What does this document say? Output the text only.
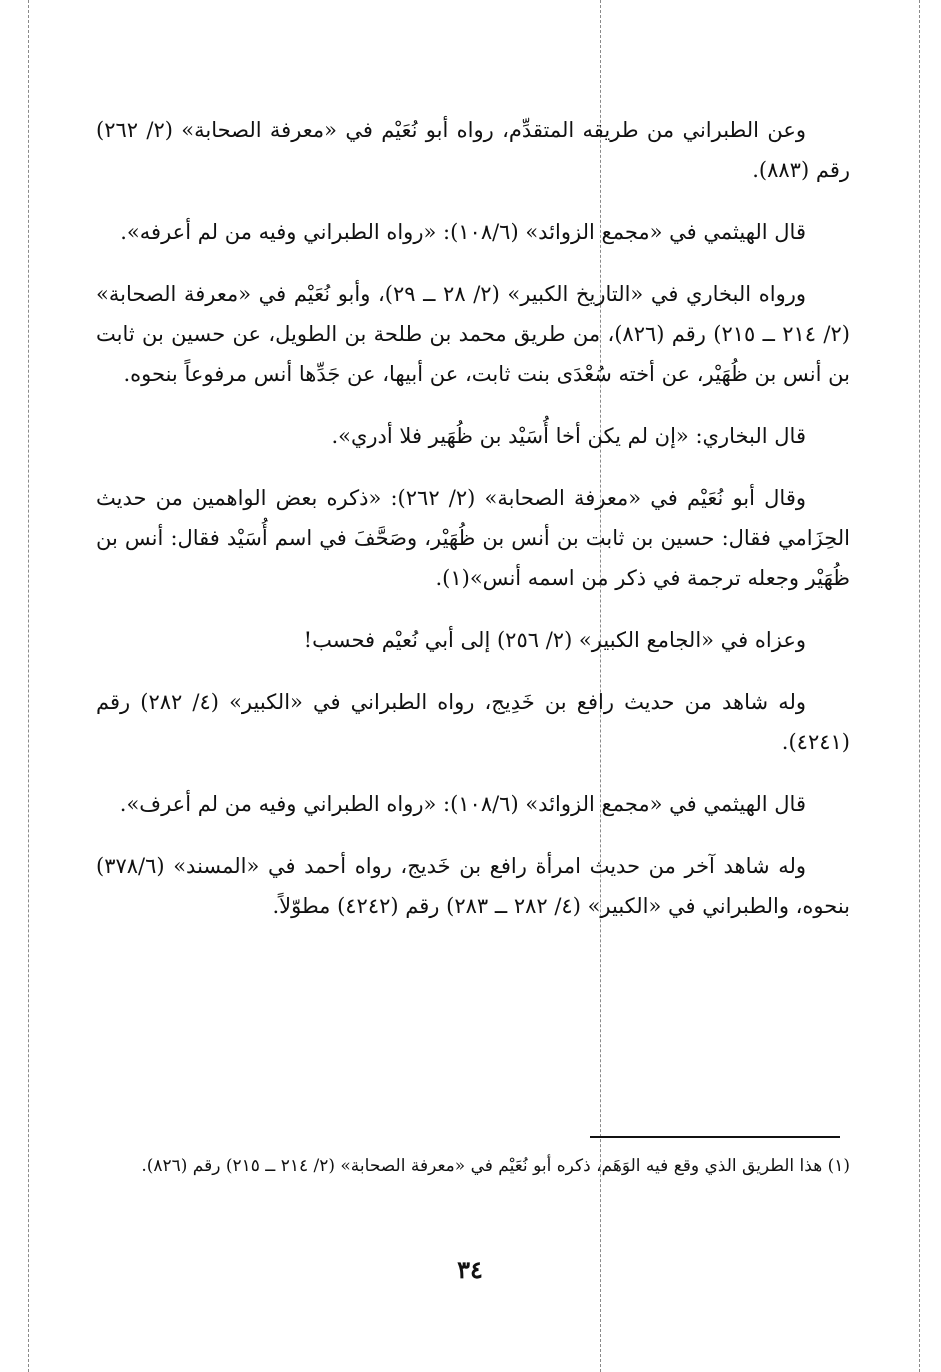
وعن الطبراني من طريقه المتقدِّم، رواه أبو نُعَيْم في «معرفة الصحابة» (٢/ ٢٦٢) رقم (٨٨٣).

قال الهيثمي في «مجمع الزوائد» (١٠٨/٦): «رواه الطبراني وفيه من لم أعرفه».

ورواه البخاري في «التاريخ الكبير» (٢/ ٢٨ ــ ٢٩)، وأبو نُعَيْم في «معرفة الصحابة» (٢/ ٢١٤ ــ ٢١٥) رقم (٨٢٦)، من طريق محمد بن طلحة بن الطويل، عن حسين بن ثابت بن أنس بن ظُهَيْر، عن أخته سُعْدَى بنت ثابت، عن أبيها، عن جَدِّها أنس مرفوعاً بنحوه.

قال البخاري: «إن لم يكن أخا أُسَيْد بن ظُهَير فلا أدري».

وقال أبو نُعَيْم في «معرفة الصحابة» (٢/ ٢٦٢): «ذكره بعض الواهمين من حديث الحِزَامي فقال: حسين بن ثابت بن أنس بن ظُهَيْر، وصَحَّفَ في اسم أُسَيْد فقال: أنس بن ظُهَيْر وجعله ترجمة في ذكر من اسمه أنس»(١).

وعزاه في «الجامع الكبير» (٢/ ٢٥٦) إلى أبي نُعيْم فحسب!

وله شاهد من حديث رافع بن خَدِيج، رواه الطبراني في «الكبير» (٤/ ٢٨٢) رقم (٤٢٤١).

قال الهيثمي في «مجمع الزوائد» (١٠٨/٦): «رواه الطبراني وفيه من لم أعرف».

وله شاهد آخر من حديث امرأة رافع بن خَديج، رواه أحمد في «المسند» (٣٧٨/٦) بنحوه، والطبراني في «الكبير» (٤/ ٢٨٢ ــ ٢٨٣) رقم (٤٢٤٢) مطوّلاً.

(١) هذا الطريق الذي وقع فيه الوَهَم، ذكره أبو نُعَيْم في «معرفة الصحابة» (٢/ ٢١٤ ــ ٢١٥) رقم (٨٢٦).
٣٤
